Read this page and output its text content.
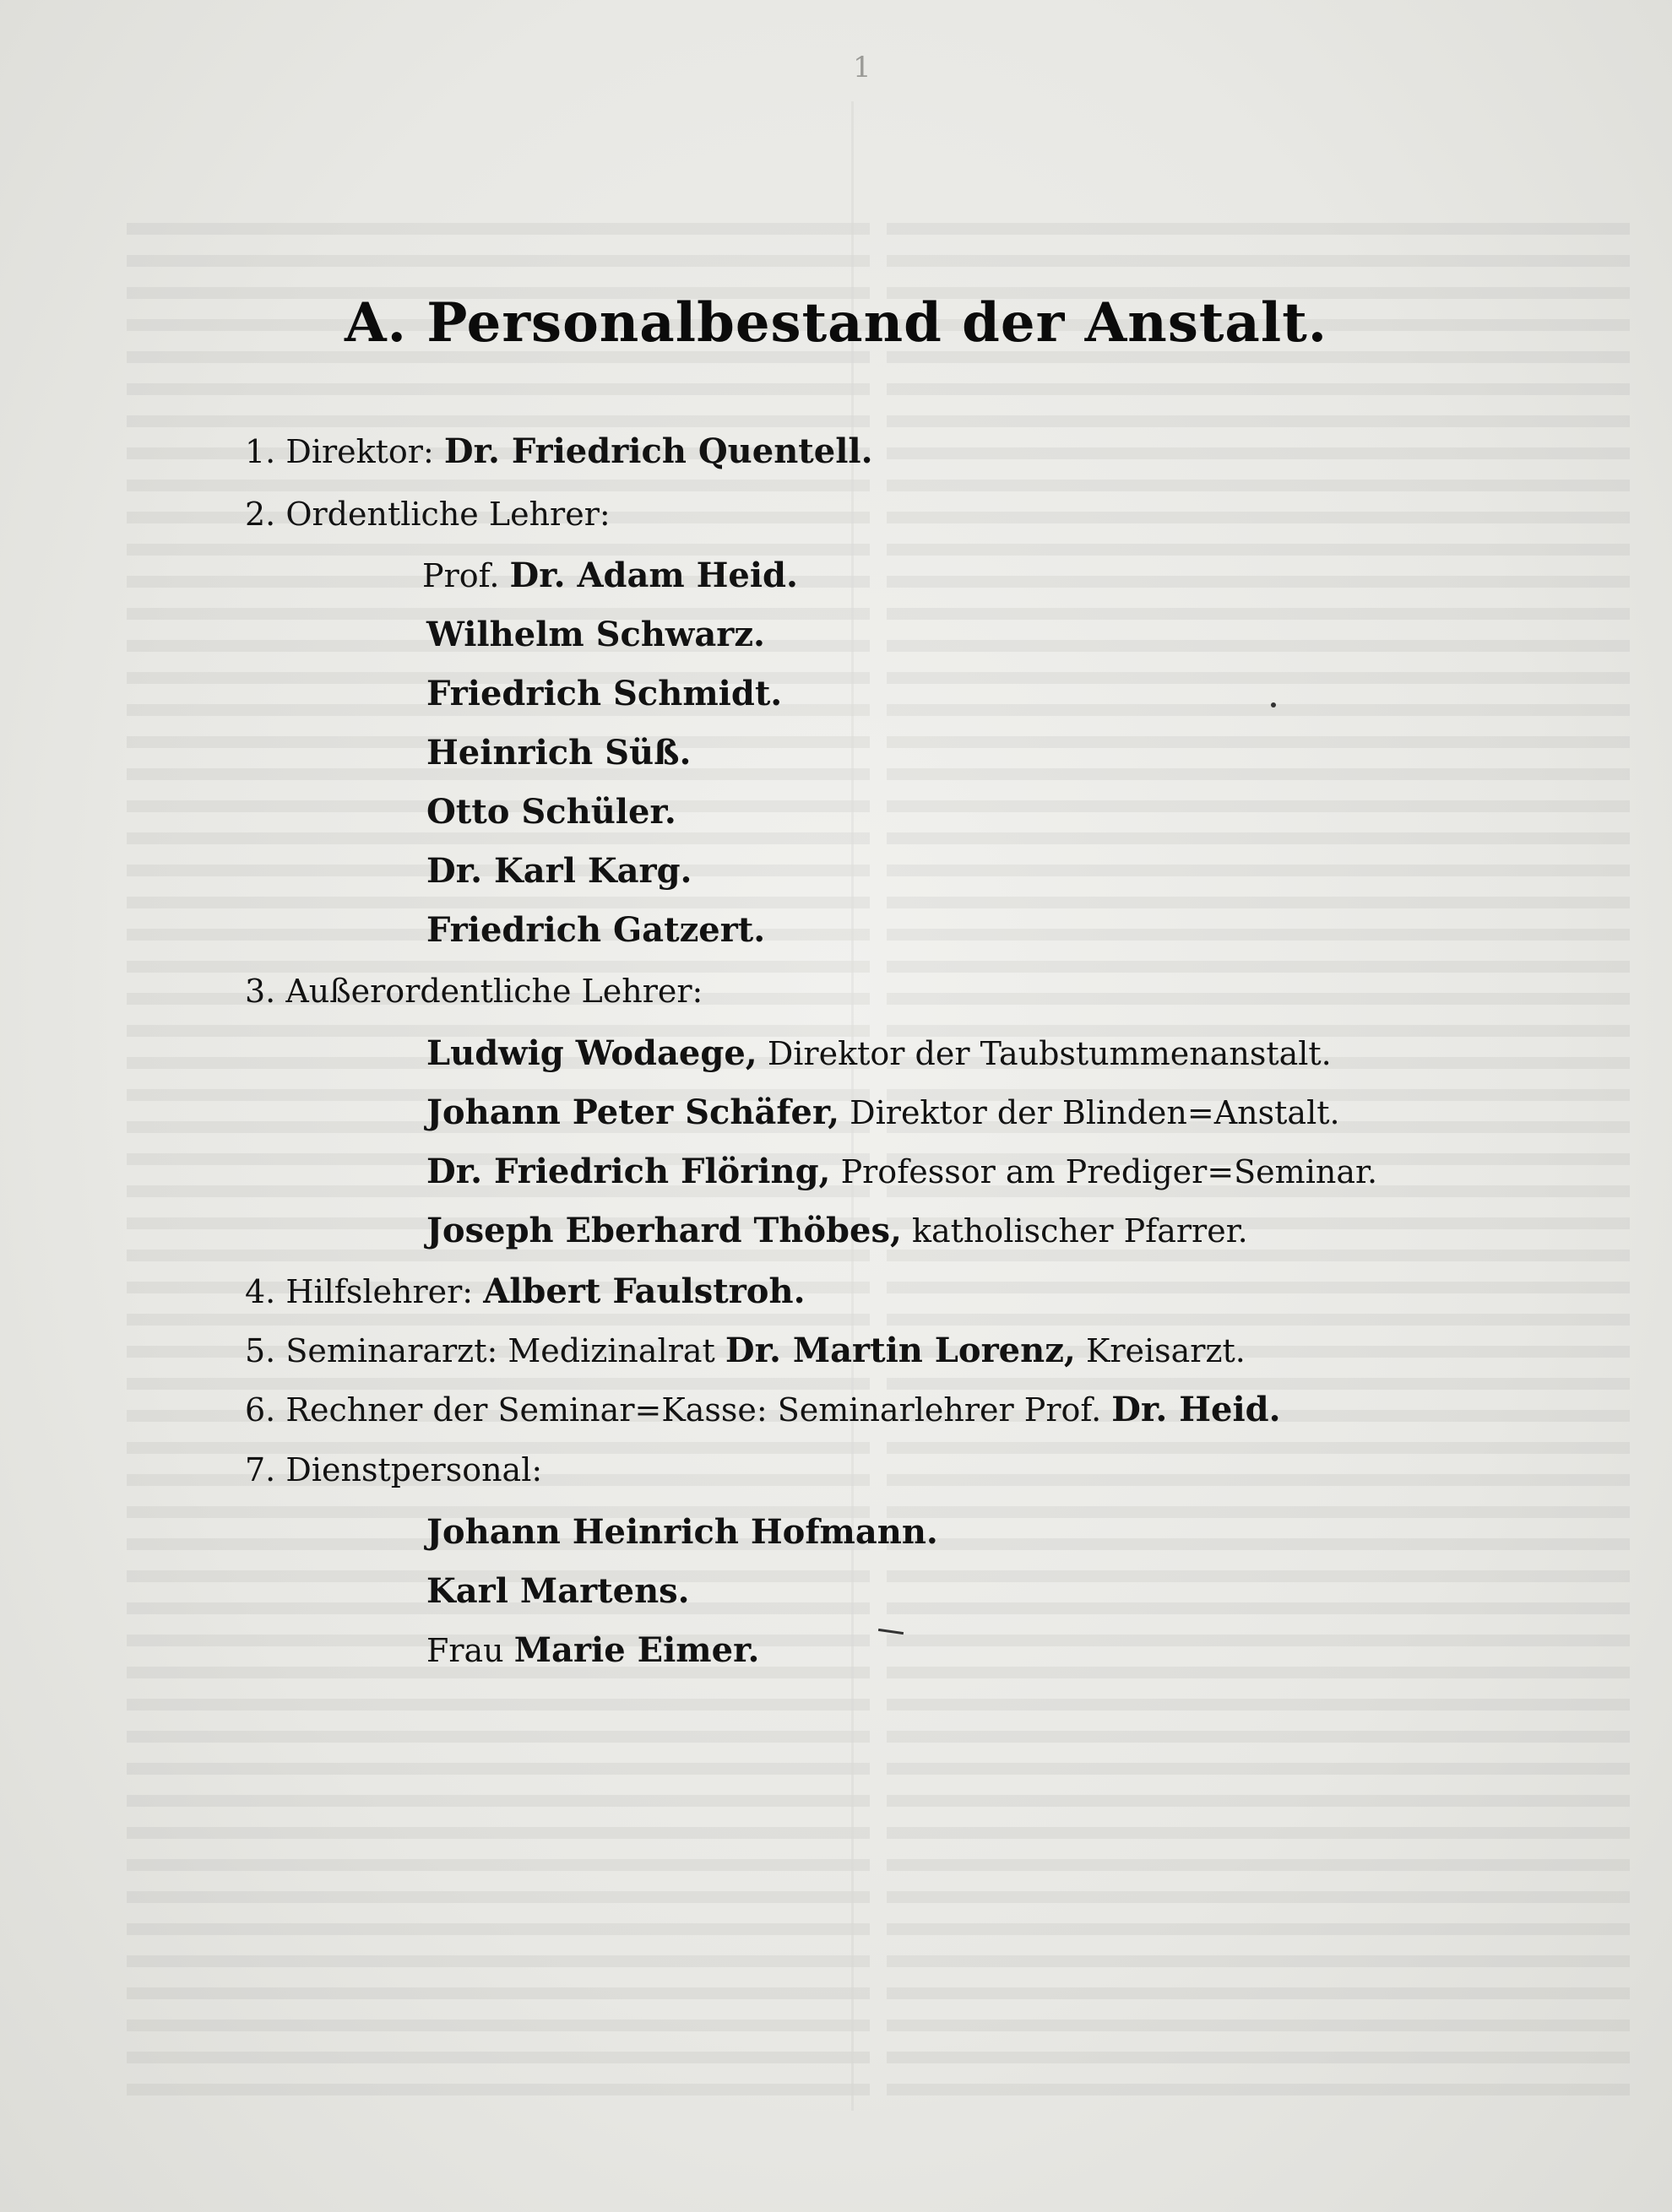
1
A. Personalbestand der Anstalt.
1. Direktor: Dr. Friedrich Quentell.
2. Ordentliche Lehrer:
Prof. Dr. Adam Heid.
Wilhelm Schwarz.
Friedrich Schmidt.
Heinrich Süß.
Otto Schüler.
Dr. Karl Karg.
Friedrich Gatzert.
3. Außerordentliche Lehrer:
Ludwig Wodaege, Direktor der Taubstummenanstalt.
Johann Peter Schäfer, Direktor der Blinden=Anstalt.
Dr. Friedrich Flöring, Professor am Prediger=Seminar.
Joseph Eberhard Thöbes, katholischer Pfarrer.
4. Hilfslehrer: Albert Faulstroh.
5. Seminararzt: Medizinalrat Dr. Martin Lorenz, Kreisarzt.
6. Rechner der Seminar=Kasse: Seminarlehrer Prof. Dr. Heid.
7. Dienstpersonal:
Johann Heinrich Hofmann.
Karl Martens.
Frau Marie Eimer.
